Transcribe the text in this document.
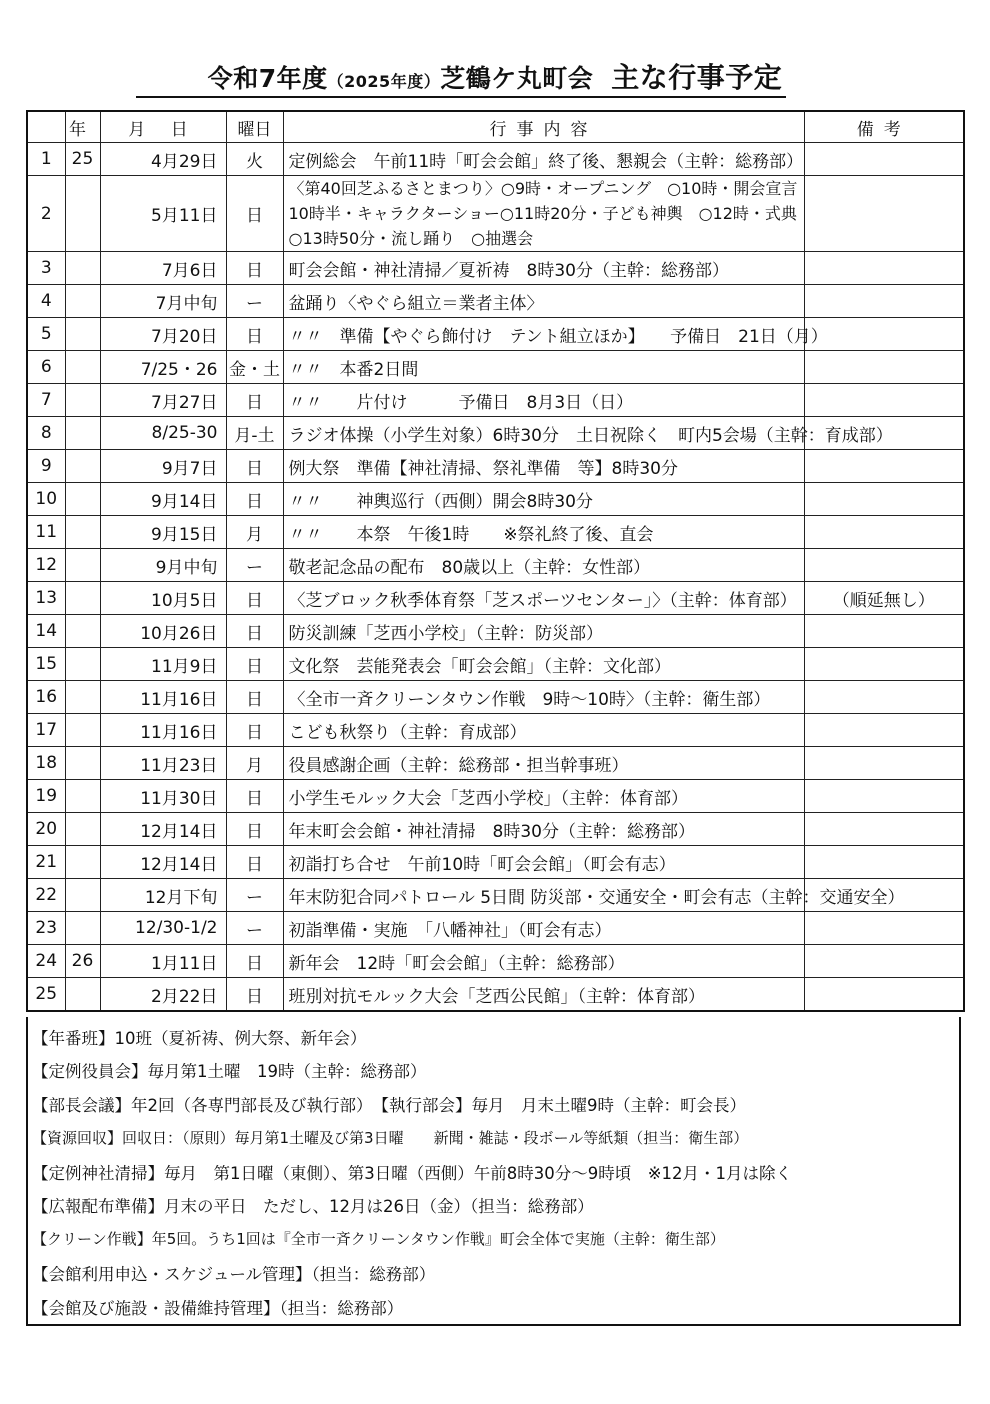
令和7年度（2025年度）芝鶴ケ丸町会 主な行事予定
	年	月 日	曜日	行事内容	備考
1	25	4月29日	火	定例総会　午前11時「町会会館」終了後、懇親会（主幹：総務部）	
2		5月11日	日	〈第40回芝ふるさとまつり〉○9時・オープニング　○10時・開会宣言　10時半・キャラクターショー○11時20分・子ども神輿　○12時・式典　○13時50分・流し踊り　○抽選会	
3		7月6日	日	町会会館・神社清掃／夏祈祷　8時30分（主幹：総務部）	
4		7月中旬	ー	盆踊り〈やぐら組立＝業者主体〉	
5		7月20日	日	〃〃　準備【やぐら飾付け　テント組立ほか】　　予備日　21日（月）	
6		7/25・26	金・土	〃〃　本番2日間	
7		7月27日	日	〃〃　　片付け　　　予備日　8月3日（日）	
8		8/25-30	月-土	ラジオ体操（小学生対象）6時30分　土日祝除く　町内5会場（主幹：育成部）	
9		9月7日	日	例大祭　準備【神社清掃、祭礼準備　等】8時30分	
10		9月14日	日	〃〃　　神輿巡行（西側）開会8時30分	
11		9月15日	月	〃〃　　本祭　午後1時　　※祭礼終了後、直会	
12		9月中旬	ー	敬老記念品の配布　80歳以上（主幹：女性部）	
13		10月5日	日	〈芝ブロック秋季体育祭「芝スポーツセンター」〉（主幹：体育部）	（順延無し）
14		10月26日	日	防災訓練「芝西小学校」（主幹：防災部）	
15		11月9日	日	文化祭　芸能発表会「町会会館」（主幹：文化部）	
16		11月16日	日	〈全市一斉クリーンタウン作戦　9時～10時〉（主幹：衛生部）	
17		11月16日	日	こども秋祭り（主幹：育成部）	
18		11月23日	月	役員感謝企画（主幹：総務部・担当幹事班）	
19		11月30日	日	小学生モルック大会「芝西小学校」（主幹：体育部）	
20		12月14日	日	年末町会会館・神社清掃　8時30分（主幹：総務部）	
21		12月14日	日	初詣打ち合せ　午前10時「町会会館」（町会有志）	
22		12月下旬	ー	年末防犯合同パトロール 5日間 防災部・交通安全・町会有志（主幹：交通安全）	
23		12/30-1/2	ー	初詣準備・実施　「八幡神社」（町会有志）	
24	26	1月11日	日	新年会　12時「町会会館」（主幹：総務部）	
25		2月22日	日	班別対抗モルック大会「芝西公民館」（主幹：体育部）	
【年番班】10班（夏祈祷、例大祭、新年会）
【定例役員会】毎月第1土曜　19時（主幹：総務部）
【部長会議】年2回（各専門部長及び執行部）　【執行部会】毎月　月末土曜9時（主幹：町会長）
【資源回収】回収日：（原則）毎月第1土曜及び第3日曜　　新聞・雑誌・段ボール等紙類（担当：衛生部）
【定例神社清掃】毎月　第1日曜（東側）、第3日曜（西側）午前8時30分～9時頃　※12月・1月は除く
【広報配布準備】月末の平日　ただし、12月は26日（金）（担当：総務部）
【クリーン作戦】年5回。うち1回は『全市一斉クリーンタウン作戦』町会全体で実施（主幹：衛生部）
【会館利用申込・スケジュール管理】（担当：総務部）
【会館及び施設・設備維持管理】（担当：総務部）
